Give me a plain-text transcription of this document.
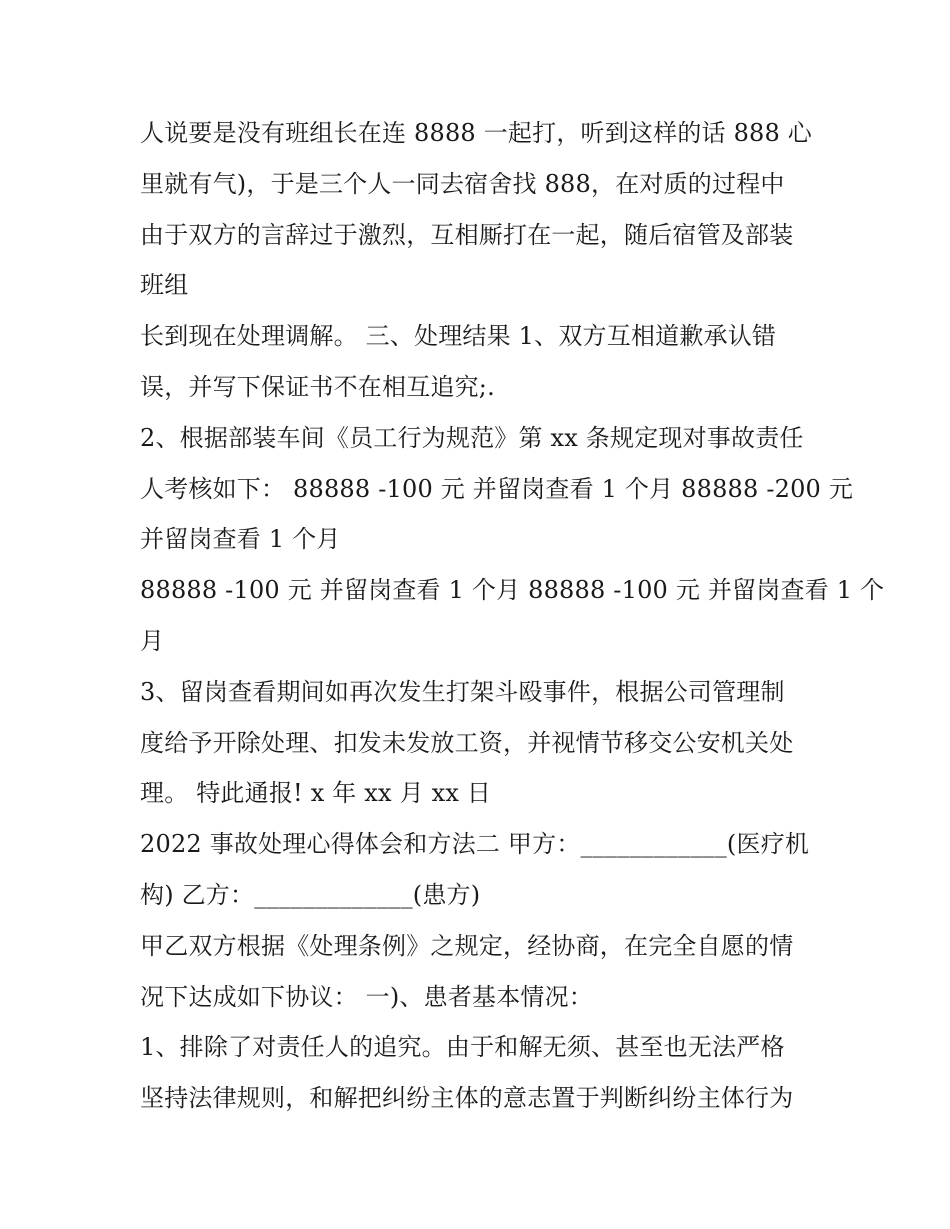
人说要是没有班组长在连 8888 一起打，听到这样的话 888 心
里就有气)，于是三个人一同去宿舍找 888，在对质的过程中
由于双方的言辞过于激烈，互相厮打在一起，随后宿管及部装
班组
长到现在处理调解。 三、处理结果 1、双方互相道歉承认错
误，并写下保证书不在相互追究;.
2、根据部装车间《员工行为规范》第 xx 条规定现对事故责任
人考核如下： 88888 -100 元 并留岗查看 1 个月 88888 -200 元
并留岗查看 1 个月
88888 -100 元 并留岗查看 1 个月 88888 -100 元 并留岗查看 1 个
月
3、留岗查看期间如再次发生打架斗殴事件，根据公司管理制
度给予开除处理、扣发未发放工资，并视情节移交公安机关处
理。 特此通报! x 年 xx 月 xx 日
2022 事故处理心得体会和方法二 甲方：____________(医疗机
构) 乙方：_____________(患方)
甲乙双方根据《处理条例》之规定，经协商，在完全自愿的情
况下达成如下协议： 一)、患者基本情况：
1、排除了对责任人的追究。由于和解无须、甚至也无法严格
坚持法律规则，和解把纠纷主体的意志置于判断纠纷主体行为
